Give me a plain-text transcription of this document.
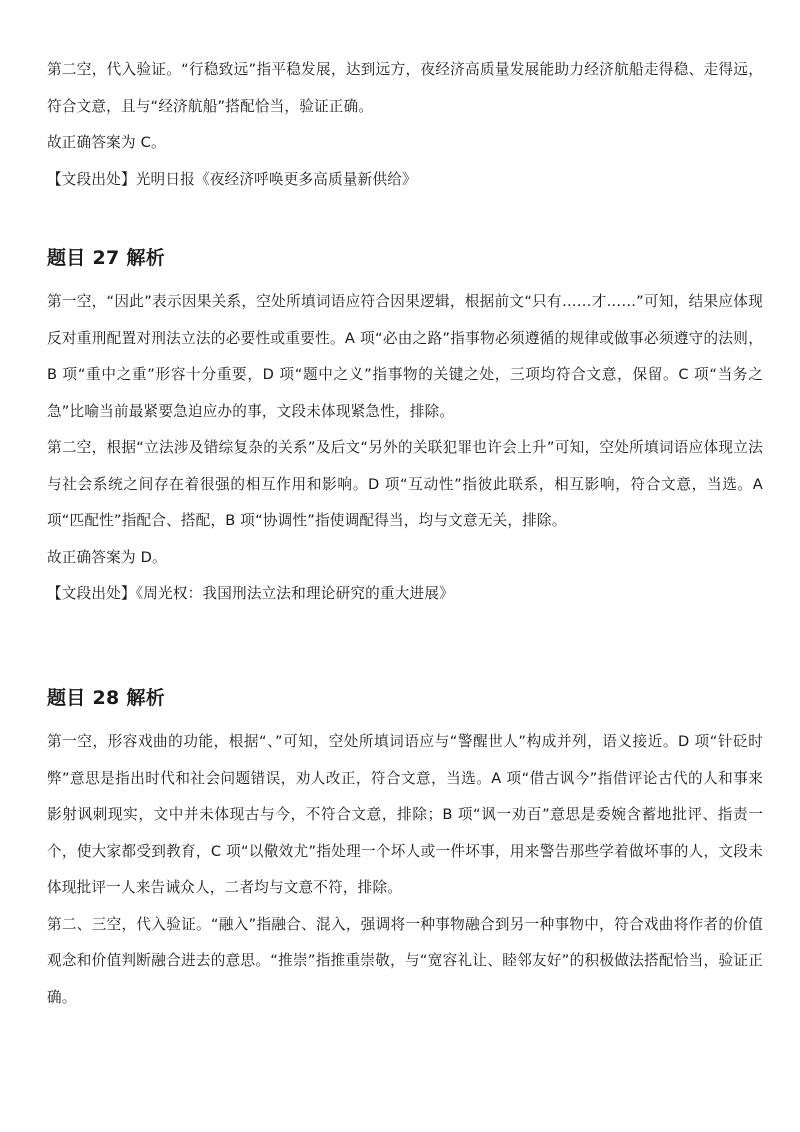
第二空，代入验证。“行稳致远”指平稳发展，达到远方，夜经济高质量发展能助力经济航船走得稳、走得远，符合文意，且与“经济航船”搭配恰当，验证正确。

故正确答案为 C。

【文段出处】光明日报《夜经济呼唤更多高质量新供给》

题目 27 解析

第一空，“因此”表示因果关系，空处所填词语应符合因果逻辑，根据前文“只有……才……”可知，结果应体现反对重刑配置对刑法立法的必要性或重要性。A 项“必由之路”指事物必须遵循的规律或做事必须遵守的法则，B 项“重中之重”形容十分重要，D 项“题中之义”指事物的关键之处，三项均符合文意，保留。C 项“当务之急”比喻当前最紧要急迫应办的事，文段未体现紧急性，排除。

第二空，根据“立法涉及错综复杂的关系”及后文“另外的关联犯罪也许会上升”可知，空处所填词语应体现立法与社会系统之间存在着很强的相互作用和影响。D 项“互动性”指彼此联系，相互影响，符合文意，当选。A 项“匹配性”指配合、搭配，B 项“协调性”指使调配得当，均与文意无关，排除。

故正确答案为 D。

【文段出处】《周光权：我国刑法立法和理论研究的重大进展》

题目 28 解析

第一空，形容戏曲的功能，根据“、”可知，空处所填词语应与“警醒世人”构成并列，语义接近。D 项“针砭时弊”意思是指出时代和社会问题错误，劝人改正，符合文意，当选。A 项“借古讽今”指借评论古代的人和事来影射讽刺现实，文中并未体现古与今，不符合文意，排除；B 项“讽一劝百”意思是委婉含蓄地批评、指责一个，使大家都受到教育，C 项“以儆效尤”指处理一个坏人或一件坏事，用来警告那些学着做坏事的人，文段未体现批评一人来告诫众人，二者均与文意不符，排除。

第二、三空，代入验证。“融入”指融合、混入，强调将一种事物融合到另一种事物中，符合戏曲将作者的价值观念和价值判断融合进去的意思。“推崇”指推重崇敬，与“宽容礼让、睦邻友好”的积极做法搭配恰当，验证正确。
